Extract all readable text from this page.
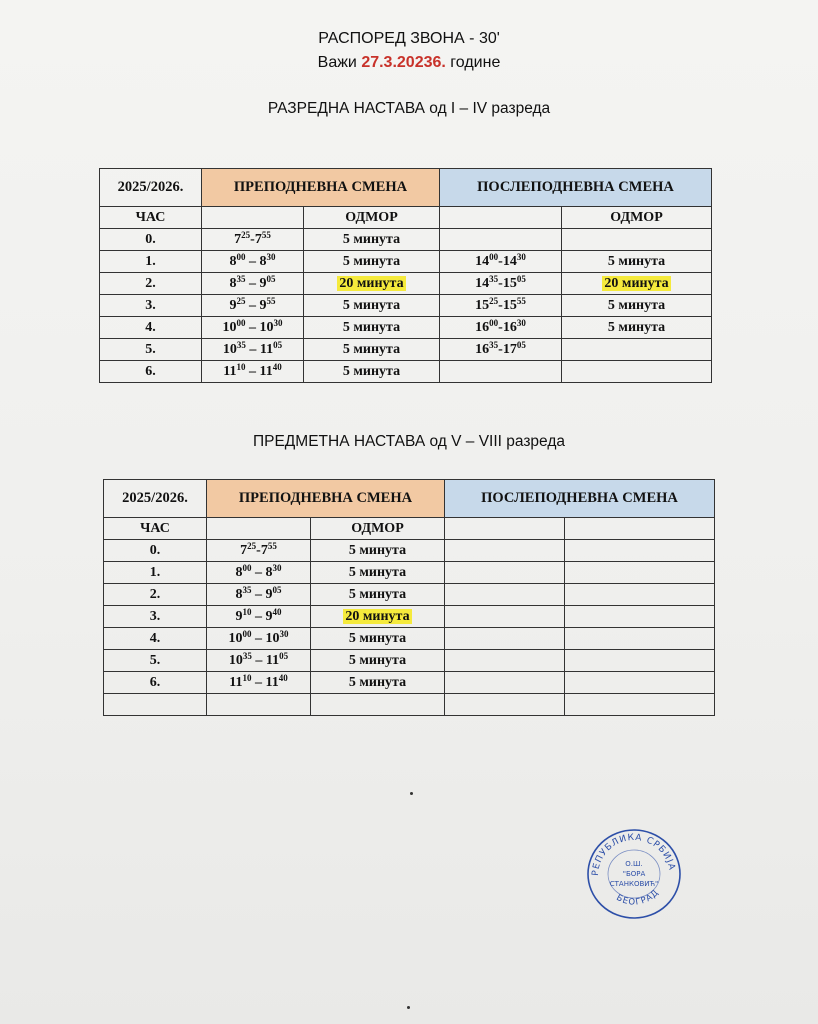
РАСПОРЕД ЗВОНА - 30'
Важи 27.3.20236. године
РАЗРЕДНА НАСТАВА од I – IV разреда
2025/2026.	ПРЕПОДНЕВНА СМЕНА		ПОСЛЕПОДНЕВНА СМЕНА	
ЧАС		ОДМОР		ОДМОР
0.	$7^{25}-7^{55}$	5 минута		
1.	$8^{00} - 8^{30}$	5 минута	$14^{00}-14^{30}$	5 минута
2.	$8^{35} - 9^{05}$	20 минута	$14^{35}-15^{05}$	20 минута
3.	$9^{25} - 9^{55}$	5 минута	$15^{25}-15^{55}$	5 минута
4.	$10^{00} - 10^{30}$	5 минута	$16^{00}-16^{30}$	5 минута
5.	$10^{35} - 11^{05}$	5 минута	$16^{35}-17^{05}$	
6.	$11^{10} - 11^{40}$	5 минута		
ПРЕДМЕТНА НАСТАВА од V – VIII разреда
2025/2026.	ПРЕПОДНЕВНА СМЕНА		ПОСЛЕПОДНЕВНА СМЕНА	
ЧАС		ОДМОР		
0.	$7^{25}-7^{55}$	5 минута		
1.	$8^{00} - 8^{30}$	5 минута		
2.	$8^{35} - 9^{05}$	5 минута		
3.	$9^{10} - 9^{40}$	20 минута		
4.	$10^{00} - 10^{30}$	5 минута		
5.	$10^{35} - 11^{05}$	5 минута		
6.	$11^{10} - 11^{40}$	5 минута		

РЕПУБЛИКА СРБИЈА
БЕОГРАД
О.Ш.
"БОРА
СТАНКОВИЋ"
